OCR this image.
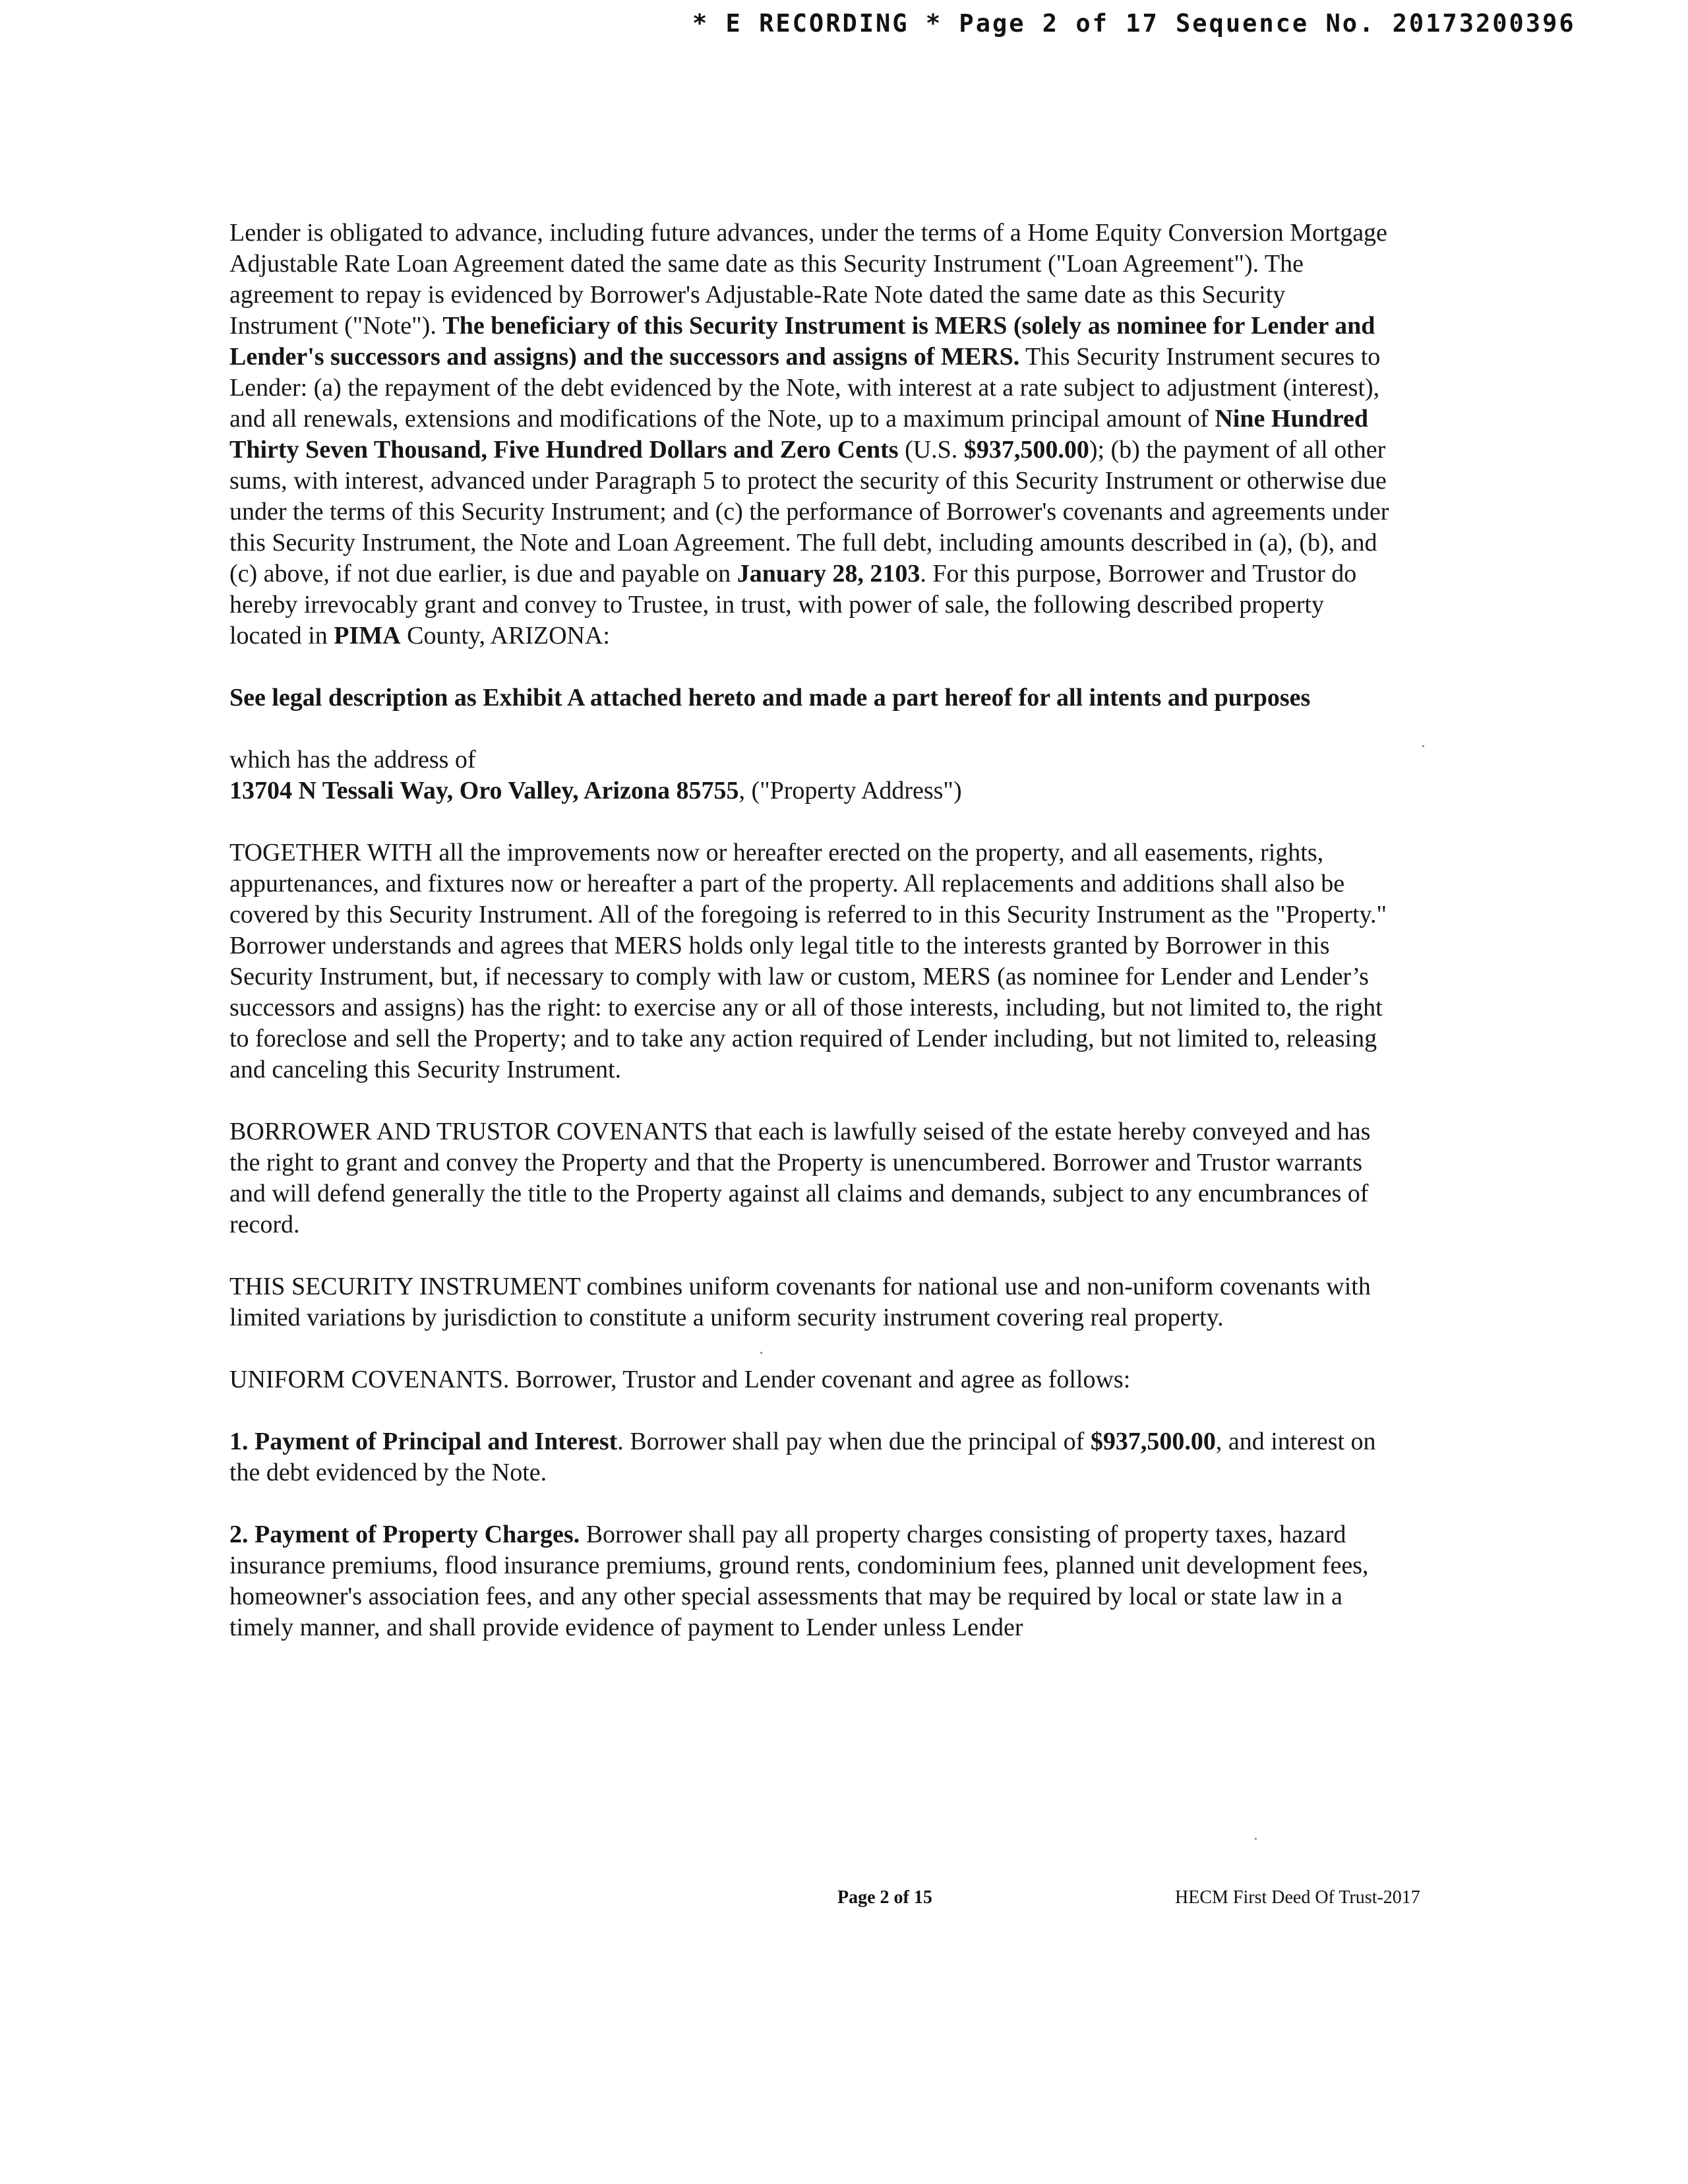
* E RECORDING * Page 2 of 17 Sequence No. 20173200396

Lender is obligated to advance, including future advances, under the terms of a Home Equity Conversion Mortgage Adjustable Rate Loan Agreement dated the same date as this Security Instrument ("Loan Agreement"). The agreement to repay is evidenced by Borrower's Adjustable-Rate Note dated the same date as this Security Instrument ("Note"). The beneficiary of this Security Instrument is MERS (solely as nominee for Lender and Lender's successors and assigns) and the successors and assigns of MERS. This Security Instrument secures to Lender: (a) the repayment of the debt evidenced by the Note, with interest at a rate subject to adjustment (interest), and all renewals, extensions and modifications of the Note, up to a maximum principal amount of Nine Hundred Thirty Seven Thousand, Five Hundred Dollars and Zero Cents (U.S. $937,500.00); (b) the payment of all other sums, with interest, advanced under Paragraph 5 to protect the security of this Security Instrument or otherwise due under the terms of this Security Instrument; and (c) the performance of Borrower's covenants and agreements under this Security Instrument, the Note and Loan Agreement. The full debt, including amounts described in (a), (b), and (c) above, if not due earlier, is due and payable on January 28, 2103. For this purpose, Borrower and Trustor do hereby irrevocably grant and convey to Trustee, in trust, with power of sale, the following described property located in PIMA County, ARIZONA:

See legal description as Exhibit A attached hereto and made a part hereof for all intents and purposes

which has the address of
13704 N Tessali Way, Oro Valley, Arizona 85755, ("Property Address")

TOGETHER WITH all the improvements now or hereafter erected on the property, and all easements, rights, appurtenances, and fixtures now or hereafter a part of the property. All replacements and additions shall also be covered by this Security Instrument. All of the foregoing is referred to in this Security Instrument as the "Property." Borrower understands and agrees that MERS holds only legal title to the interests granted by Borrower in this Security Instrument, but, if necessary to comply with law or custom, MERS (as nominee for Lender and Lender’s successors and assigns) has the right: to exercise any or all of those interests, including, but not limited to, the right to foreclose and sell the Property; and to take any action required of Lender including, but not limited to, releasing and canceling this Security Instrument.

BORROWER AND TRUSTOR COVENANTS that each is lawfully seised of the estate hereby conveyed and has the right to grant and convey the Property and that the Property is unencumbered. Borrower and Trustor warrants and will defend generally the title to the Property against all claims and demands, subject to any encumbrances of record.

THIS SECURITY INSTRUMENT combines uniform covenants for national use and non-uniform covenants with limited variations by jurisdiction to constitute a uniform security instrument covering real property.

UNIFORM COVENANTS. Borrower, Trustor and Lender covenant and agree as follows:

1. Payment of Principal and Interest. Borrower shall pay when due the principal of $937,500.00, and interest on the debt evidenced by the Note.

2. Payment of Property Charges. Borrower shall pay all property charges consisting of property taxes, hazard insurance premiums, flood insurance premiums, ground rents, condominium fees, planned unit development fees, homeowner's association fees, and any other special assessments that may be required by local or state law in a timely manner, and shall provide evidence of payment to Lender unless Lender

Page 2 of 15	HECM First Deed Of Trust-2017
